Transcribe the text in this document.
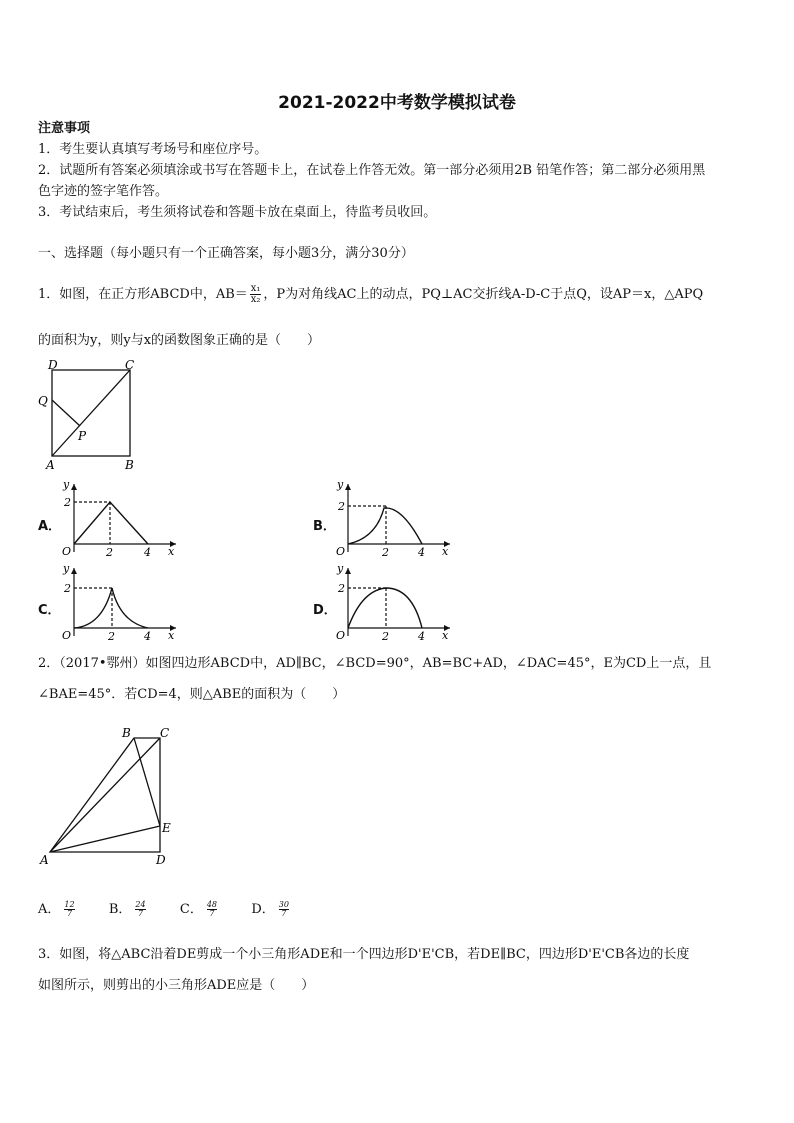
2021-2022中考数学模拟试卷
注意事项
1．考生要认真填写考场号和座位序号。
2．试题所有答案必须填涂或书写在答题卡上，在试卷上作答无效。第一部分必须用2B 铅笔作答；第二部分必须用黑
色字迹的签字笔作答。
3．考试结束后，考生须将试卷和答题卡放在桌面上，待监考员收回。
一、选择题（每小题只有一个正确答案，每小题3分，满分30分）
1．如图，在正方形ABCD中，$AB= \frac{\text{x₁}}{\text{x₂}}$ ，P为对角线AC上的动点，PQ⊥AC交折线A-D-C于点Q，设AP＝x，△APQ
的面积为y，则y与x的函数图象正确的是（　　）
D	C
Q
P
A	B
A．
y
2
O	2	4 x
B．
y
2
O	2	4 x
C．
y
2
O	2	4 x
D．
y
2
O	2	4 x
2．（2017•鄂州）如图四边形ABCD中，AD∥BC，∠BCD=90°，AB=BC+AD，∠DAC=45°，E为CD上一点，且
∠BAE=45°．若CD=4，则△ABE的面积为（　　）
B C
E
A	D
A． $\frac{12}{7}$	B． $\frac{24}{7}$	C． $\frac{48}{7}$	D． $\frac{30}{7}$
3．如图，将△ABC沿着DE剪成一个小三角形ADE和一个四边形D'E'CB，若DE∥BC，四边形D'E'CB各边的长度
如图所示，则剪出的小三角形ADE应是（　　）
